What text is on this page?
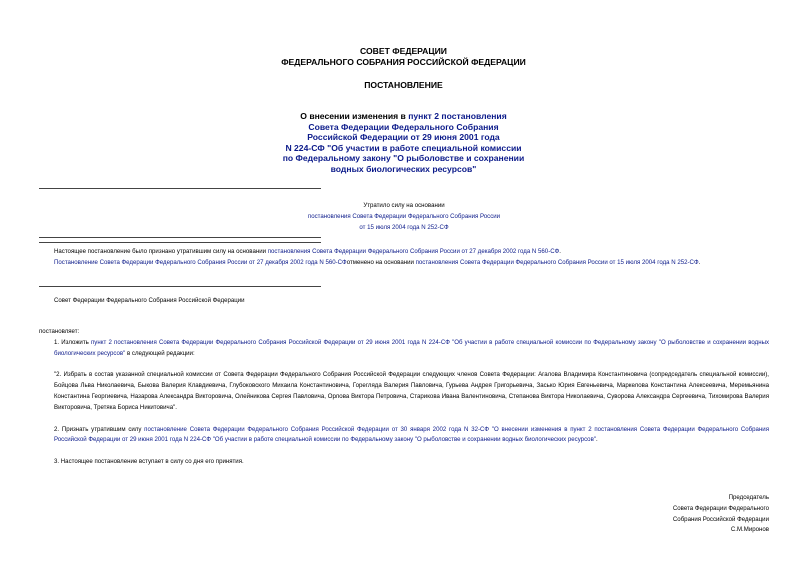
СОВЕТ ФЕДЕРАЦИИ
ФЕДЕРАЛЬНОГО СОБРАНИЯ РОССИЙСКОЙ ФЕДЕРАЦИИ
ПОСТАНОВЛЕНИЕ
О внесении изменения в пункт 2 постановления
Совета Федерации Федерального Собрания
Российской Федерации от 29 июня 2001 года
N 224-СФ "Об участии в работе специальной комиссии
по Федеральному закону "О рыболовстве и сохранении
водных биологических ресурсов"
Утратило силу на основании
постановления Совета Федерации Федерального Собрания России
от 15 июля 2004 года N 252-СФ
Настоящее постановление было признано утратившим силу на основании постановления Совета Федерации Федерального Собрания России от 27 декабря 2002 года N 560-СФ.
Постановление Совета Федерации Федерального Собрания России от 27 декабря 2002 года N 560-СФотменено на основании постановления Совета Федерации Федерального Собрания России от 15 июля 2004 года N 252-СФ.
Совет Федерации Федерального Собрания Российской Федерации
постановляет:
1. Изложить пункт 2 постановления Совета Федерации Федерального Собрания Российской Федерации от 29 июня 2001 года N 224-СФ "Об участии в работе специальной комиссии по Федеральному закону "О рыболовстве и сохранении водных биологических ресурсов" в следующей редакции:
"2. Избрать в состав указанной специальной комиссии от Совета Федерации Федерального Собрания Российской Федерации следующих членов Совета Федерации: Агалова Владимира Константиновича (сопредседатель специальной комиссии), Бойцова Льва Николаевича, Быкова Валерия Клавдиевича, Глубоковского Михаила Константиновича, Горегляда Валерия Павловича, Гурьева Андрея Григорьевича, Засько Юрия Евгеньевича, Маркелова Константина Алексеевича, Меремьянина Константина Георгиевича, Назарова Александра Викторовича, Олейникова Сергея Павловича, Орлова Виктора Петровича, Старикова Ивана Валентиновича, Степанова Виктора Николаевича, Суворова Александра Сергеевича, Тихомирова Валерия Викторовича, Третяка Бориса Никитовича".
2. Признать утратившим силу постановление Совета Федерации Федерального Собрания Российской Федерации от 30 января 2002 года N 32-СФ "О внесении изменения в пункт 2 постановления Совета Федерации Федерального Собрания Российской Федерации от 29 июня 2001 года N 224-СФ "Об участии в работе специальной комиссии по Федеральному закону "О рыболовстве и сохранении водных биологических ресурсов".
3. Настоящее постановление вступает в силу со дня его принятия.
Председатель
Совета Федерации Федерального
Собрания Российской Федерации
С.М.Миронов
